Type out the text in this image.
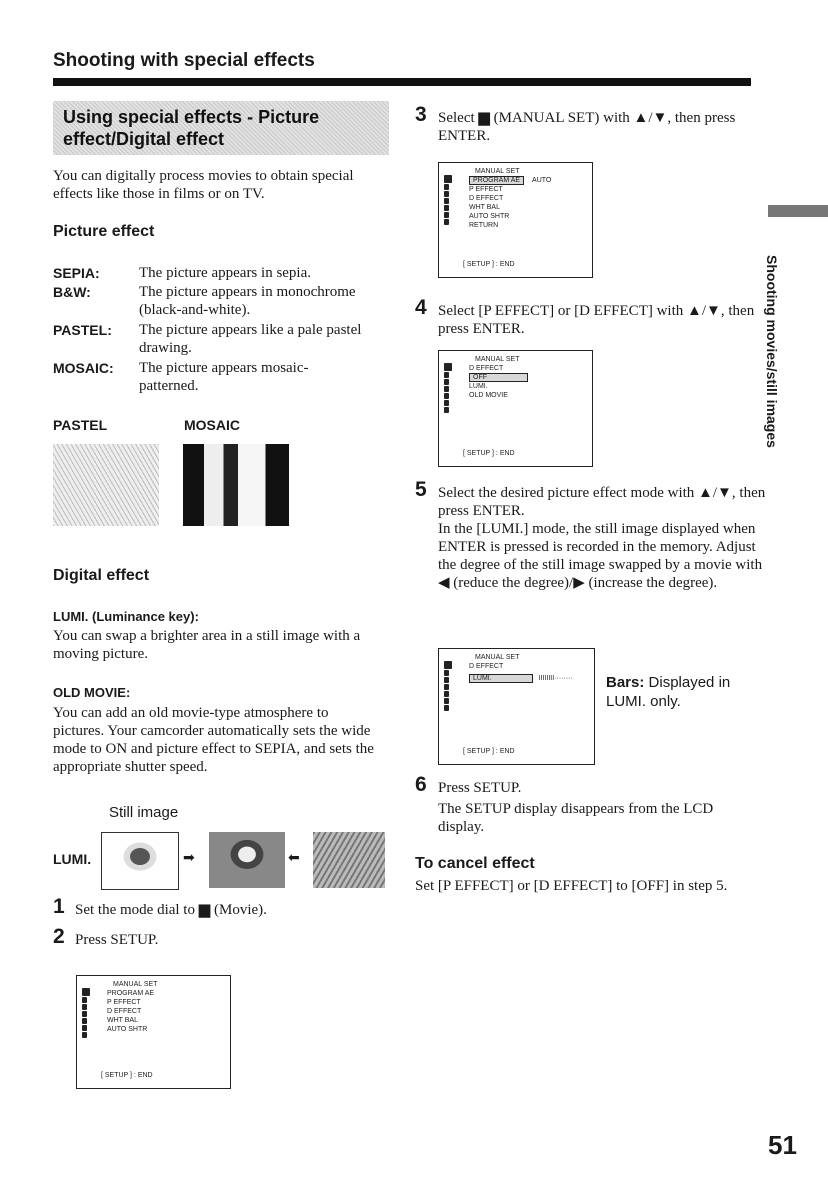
Shooting with special effects
Using special effects - Picture effect/Digital effect
You can digitally process movies to obtain special effects like those in films or on TV.
Picture effect
SEPIA:	The picture appears in sepia.
B&W:	The picture appears in monochrome (black-and-white).
PASTEL: The picture appears like a pale pastel drawing.
MOSAIC: The picture appears mosaic-patterned.
PASTEL	MOSAIC
Digital effect
LUMI. (Luminance key):
You can swap a brighter area in a still image with a moving picture.
OLD MOVIE:
You can add an old movie-type atmosphere to pictures. Your camcorder automatically sets the wide mode to ON and picture effect to SEPIA, and sets the appropriate shutter speed.
Still image
LUMI.	➡	⬅
1 Set the mode dial to ▆ (Movie).
2 Press SETUP.
MANUAL SET
PROGRAM AE
P EFFECT
D EFFECT
WHT BAL
AUTO SHTR
[ SETUP ] : END
3 Select ▆ (MANUAL SET) with ▲/▼, then press ENTER.
MANUAL SET
PROGRAM AE AUTO
P EFFECT
D EFFECT
WHT BAL
AUTO SHTR
RETURN
[ SETUP ] : END
4 Select [P EFFECT] or [D EFFECT] with ▲/▼, then press ENTER.
MANUAL SET
D EFFECT
OFF
LUMI.
OLD MOVIE
[ SETUP ] : END
5 Select the desired picture effect mode with ▲/▼, then press ENTER.
In the [LUMI.] mode, the still image displayed when ENTER is pressed is recorded in the memory. Adjust the degree of the still image swapped by a movie with ◀ (reduce the degree)/▶ (increase the degree).
MANUAL SET
D EFFECT
LUMI.	IIIIIIII········
[ SETUP ] : END
Bars: Displayed in LUMI. only.
6 Press SETUP.
The SETUP display disappears from the LCD display.
To cancel effect
Set [P EFFECT] or [D EFFECT] to [OFF] in step 5.
Shooting movies/still images
51
